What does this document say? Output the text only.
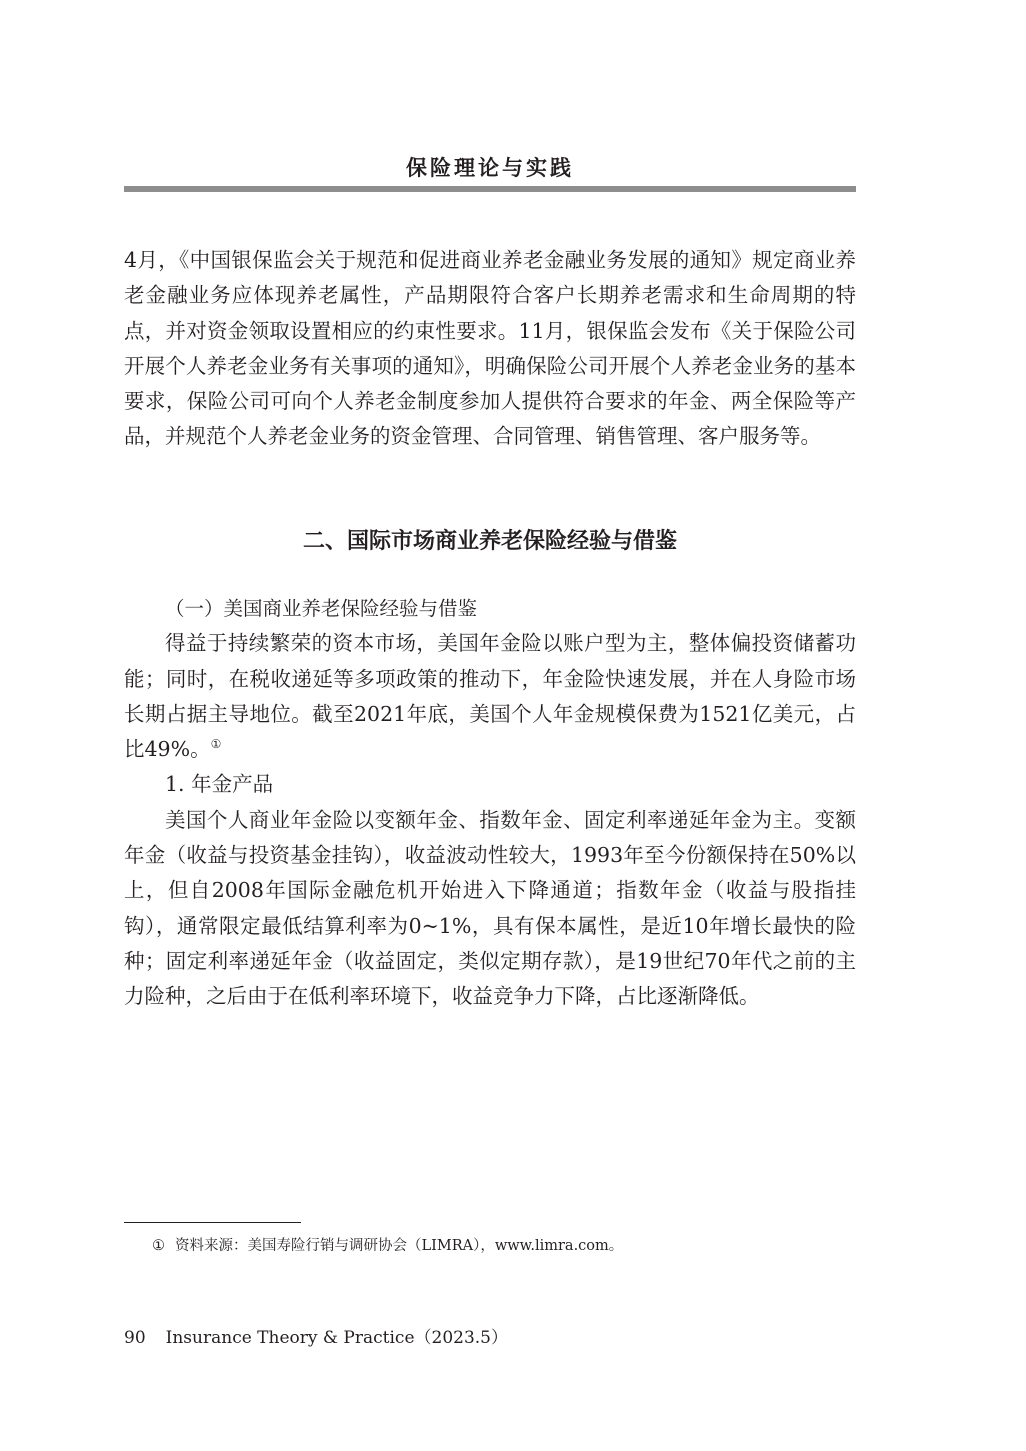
保险理论与实践

4月，《中国银保监会关于规范和促进商业养老金融业务发展的通知》规定商业养老金融业务应体现养老属性，产品期限符合客户长期养老需求和生命周期的特点，并对资金领取设置相应的约束性要求。11月，银保监会发布《关于保险公司开展个人养老金业务有关事项的通知》，明确保险公司开展个人养老金业务的基本要求，保险公司可向个人养老金制度参加人提供符合要求的年金、两全保险等产品，并规范个人养老金业务的资金管理、合同管理、销售管理、客户服务等。

二、国际市场商业养老保险经验与借鉴

（一）美国商业养老保险经验与借鉴

得益于持续繁荣的资本市场，美国年金险以账户型为主，整体偏投资储蓄功能；同时，在税收递延等多项政策的推动下，年金险快速发展，并在人身险市场长期占据主导地位。截至2021年底，美国个人年金规模保费为1521亿美元，占比49%。①

1. 年金产品

美国个人商业年金险以变额年金、指数年金、固定利率递延年金为主。变额年金（收益与投资基金挂钩），收益波动性较大，1993年至今份额保持在50%以上，但自2008年国际金融危机开始进入下降通道；指数年金（收益与股指挂钩），通常限定最低结算利率为0~1%，具有保本属性，是近10年增长最快的险种；固定利率递延年金（收益固定，类似定期存款），是19世纪70年代之前的主力险种，之后由于在低利率环境下，收益竞争力下降，占比逐渐降低。

① 资料来源：美国寿险行销与调研协会（LIMRA），www.limra.com。
90 Insurance Theory & Practice（2023.5）
